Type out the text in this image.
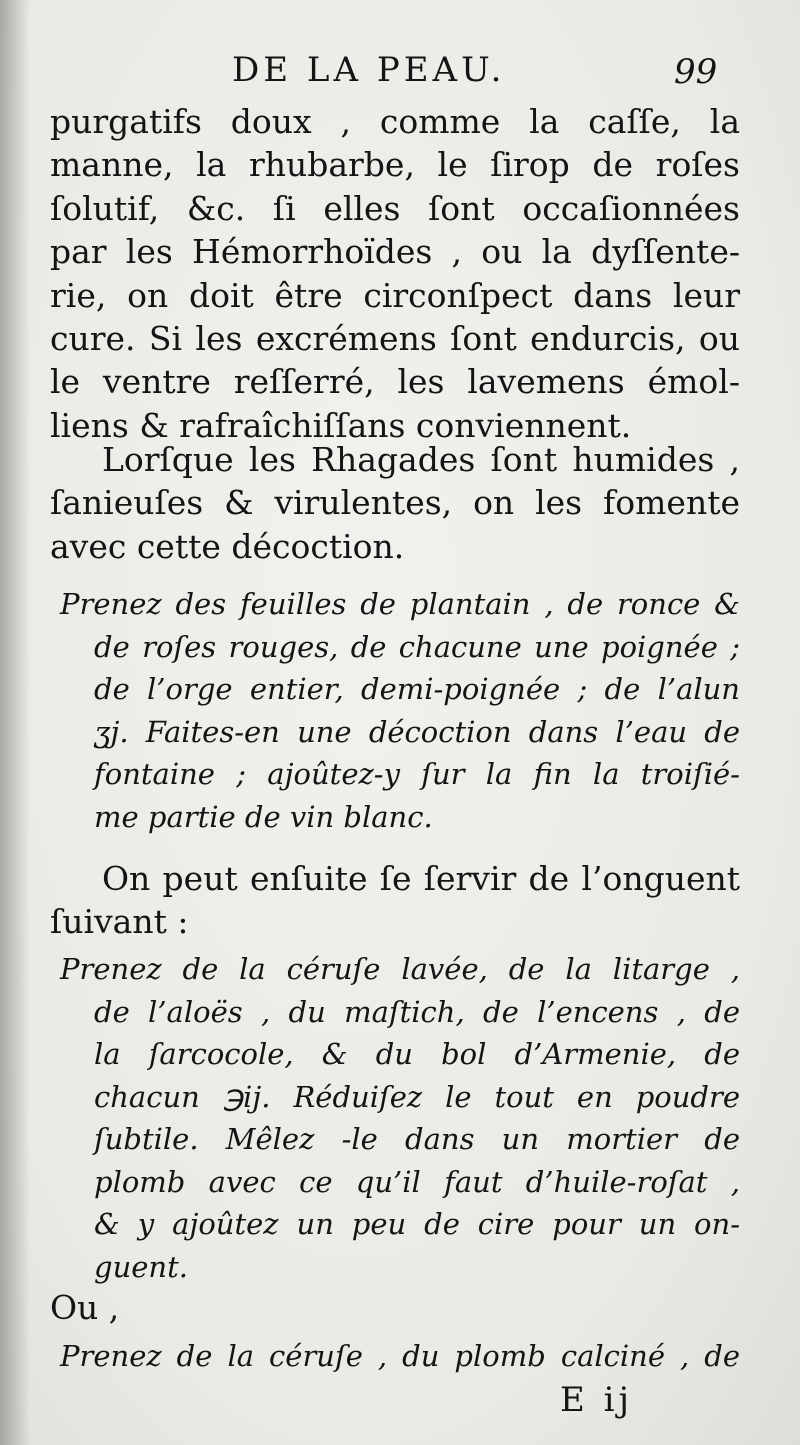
DE LA PEAU.	99
purgatifs doux , comme la caſſe, la
manne, la rhubarbe, le ſirop de roſes
ſolutif, &c. ſi elles ſont occaſionnées
par les Hémorrhoïdes , ou la dyſſente-
rie, on doit être circonſpect dans leur
cure. Si les excrémens ſont endurcis, ou
le ventre reſſerré, les lavemens émol-
liens & rafraîchiſſans conviennent.
Lorſque les Rhagades ſont humides ,
ſanieuſes & virulentes, on les fomente
avec cette décoction.
Prenez des feuilles de plantain , de ronce &
de roſes rouges, de chacune une poignée ;
de l’orge entier, demi-poignée ; de l’alun
ʒj. Faites-en une décoction dans l’eau de
fontaine ; ajoûtez-y ſur la fin la troiſié-
me partie de vin blanc.
On peut enſuite ſe ſervir de l’onguent
ſuivant :
Prenez de la céruſe lavée, de la litarge ,
de l’aloës , du maſtich, de l’encens , de
la ſarcocole, & du bol d’Armenie, de
chacun ℈ij. Réduiſez le tout en poudre
ſubtile. Mêlez -le dans un mortier de
plomb avec ce qu’il faut d’huile-roſat ,
& y ajoûtez un peu de cire pour un on-
guent.
Ou ,
Prenez de la céruſe , du plomb calciné , de
E ij
